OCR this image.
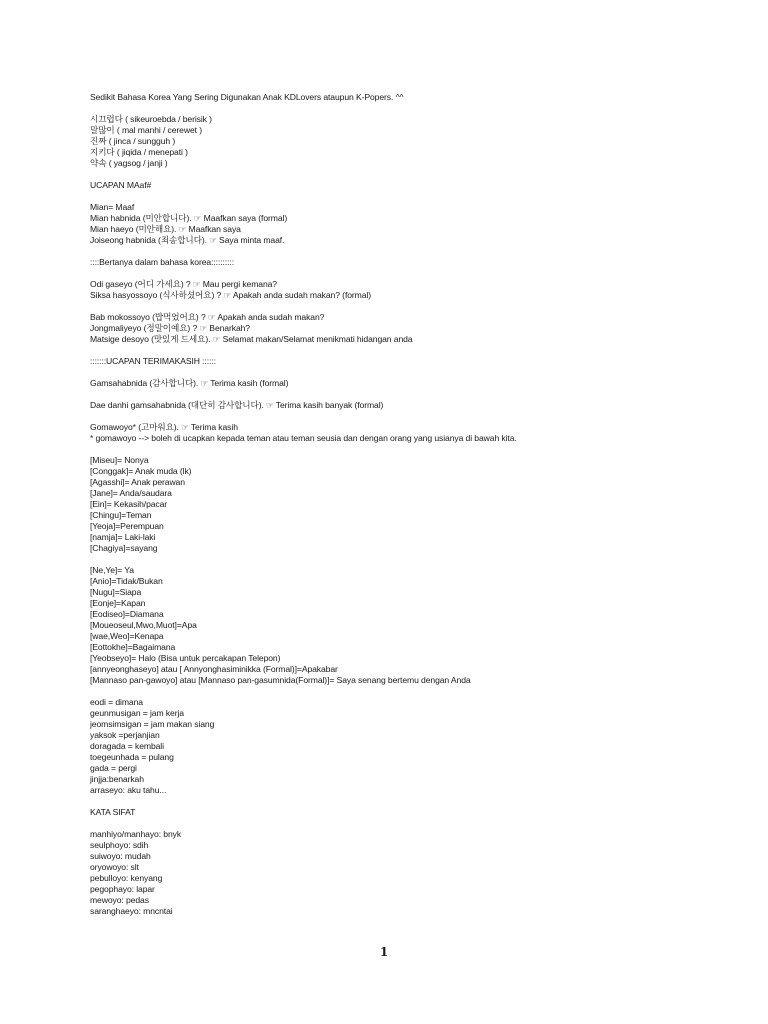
Sedikit Bahasa Korea Yang Sering Digunakan Anak KDLovers ataupun K-Popers. ^^
시끄럽다 ( sikeuroebda / berisik )
말많이 ( mal manhi / cerewet )
진짜 ( jinca / sungguh )
지키다 ( jiqida / menepati )
약속 ( yagsog / janji )
UCAPAN MAaf#
Mian= Maaf
Mian habnida (미안합니다). ☞ Maafkan saya (formal)
Mian haeyo (미안해요). ☞ Maafkan saya
Joiseong habnida (죄송합니다). ☞ Saya minta maaf.
::::Bertanya dalam bahasa korea::::::::::
Odi gaseyo (어디 가세요) ? ☞ Mau pergi kemana?
Siksa hasyossoyo (식사하셨어요) ? ☞ Apakah anda sudah makan? (formal)
Bab mokossoyo (밥먹었어요) ? ☞ Apakah anda sudah makan?
Jongmaliyeyo (정말이예요) ? ☞ Benarkah?
Matsige desoyo (맛있게 드세요). ☞ Selamat makan/Selamat menikmati hidangan anda
:::::::UCAPAN TERIMAKASIH ::::::
Gamsahabnida (감사합니다). ☞ Terima kasih (formal)
Dae danhi gamsahabnida (대단히 감사합니다). ☞ Terima kasih banyak (formal)
Gomawoyo* (고마워요). ☞ Terima kasih
* gomawoyo --> boleh di ucapkan kepada teman atau teman seusia dan dengan orang yang usianya di bawah kita.
[Miseu]= Nonya
[Conggak]= Anak muda (lk)
[Agasshi]= Anak perawan
[Jane]= Anda/saudara
[Ein]= Kekasih/pacar
[Chingu]=Teman
[Yeoja]=Perempuan
[namja]= Laki-laki
[Chagiya]=sayang
[Ne,Ye]= Ya
[Anio]=Tidak/Bukan
[Nugu]=Siapa
[Eonje]=Kapan
[Eodiseo]=Diamana
[Moueoseul,Mwo,Muot]=Apa
[wae,Weo]=Kenapa
[Eottokhe]=Bagaimana
[Yeobseyo]= Halo (Bisa untuk percakapan Telepon)
[annyeonghaseyo] atau [ Annyonghasiminikka (Formal)]=Apakabar
[Mannaso pan-gawoyo] atau [Mannaso pan-gasumnida(Formal)]= Saya senang bertemu dengan Anda
eodi = dimana
geunmusigan = jam kerja
jeomsimsigan = jam makan siang
yaksok =perjanjian
doragada = kembali
toegeunhada = pulang
gada = pergi
jinjja:benarkah
arraseyo: aku tahu...
KATA SIFAT
manhiyo/manhayo: bnyk
seulphoyo: sdih
suiwoyo: mudah
oryowoyo: slt
pebulloyo: kenyang
pegophayo: lapar
mewoyo: pedas
saranghaeyo: mncntai
1
